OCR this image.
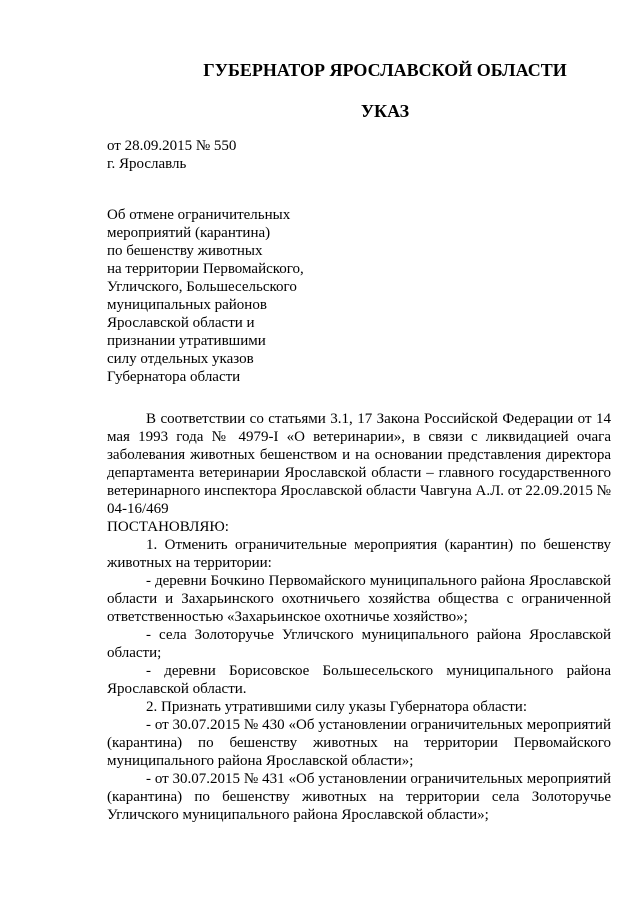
ГУБЕРНАТОР ЯРОСЛАВСКОЙ ОБЛАСТИ
УКАЗ
от 28.09.2015 № 550
г. Ярославль
Об отмене ограничительных
мероприятий (карантина)
по бешенству животных
на территории Первомайского,
Угличского, Большесельского
муниципальных районов
Ярославской области и
признании утратившими
силу отдельных указов
Губернатора области

В соответствии со статьями 3.1, 17 Закона Российской Федерации от 14 мая 1993 года № 4979-I «О ветеринарии», в связи с ликвидацией очага заболевания животных бешенством и на основании представления директора департамента ветеринарии Ярославской области – главного государственного ветеринарного инспектора Ярославской области Чавгуна А.Л. от 22.09.2015 № 04-16/469

ПОСТАНОВЛЯЮ:

1. Отменить ограничительные мероприятия (карантин) по бешенству животных на территории:

- деревни Бочкино Первомайского муниципального района Ярославской области и Захарьинского охотничьего хозяйства общества с ограниченной ответственностью «Захарьинское охотничье хозяйство»;

- села Золоторучье Угличского муниципального района Ярославской области;

- деревни Борисовское Большесельского муниципального района Ярославской области.

2. Признать утратившими силу указы Губернатора области:

- от 30.07.2015 № 430 «Об установлении ограничительных мероприятий (карантина) по бешенству животных на территории Первомайского муниципального района Ярославской области»;

- от 30.07.2015 № 431 «Об установлении ограничительных мероприятий (карантина) по бешенству животных на территории села Золоторучье Угличского муниципального района Ярославской области»;
